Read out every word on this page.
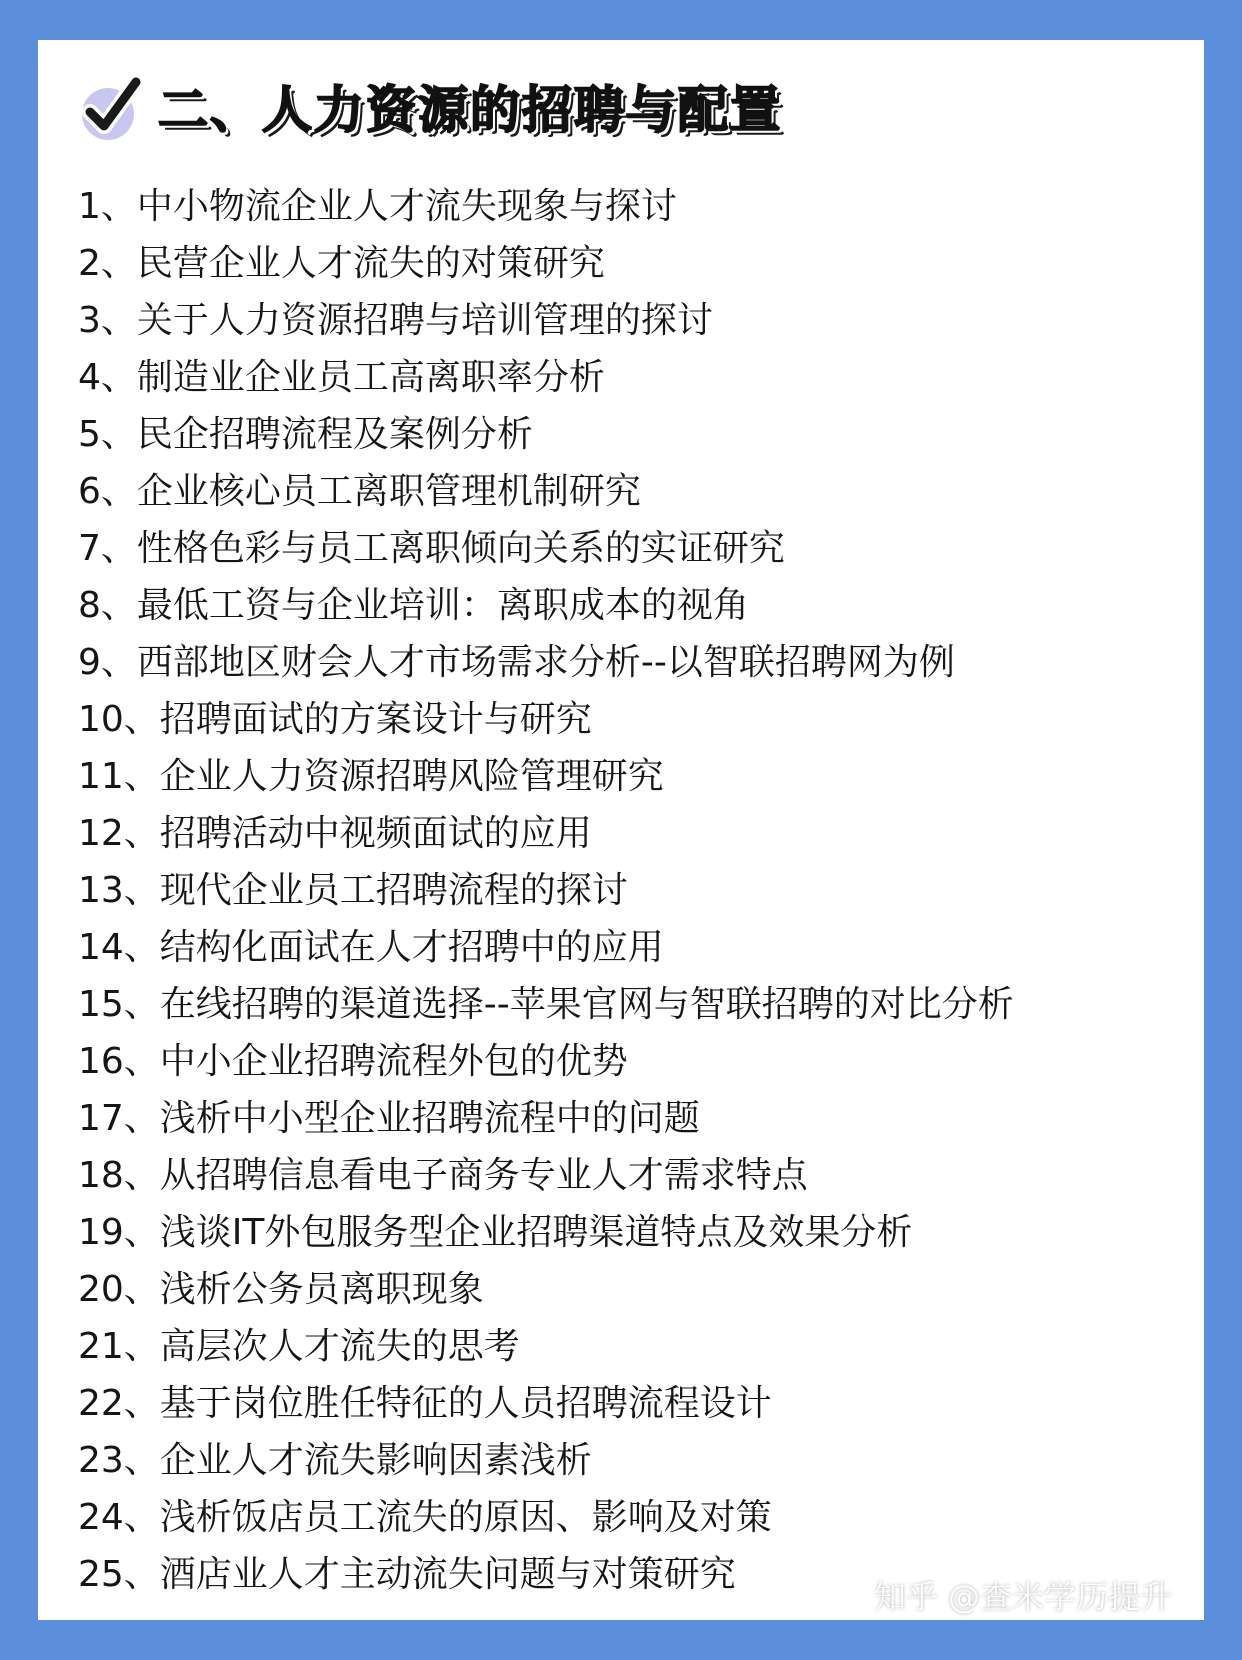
二、人力资源的招聘与配置
1、中小物流企业人才流失现象与探讨
2、民营企业人才流失的对策研究
3、关于人力资源招聘与培训管理的探讨
4、制造业企业员工高离职率分析
5、民企招聘流程及案例分析
6、企业核心员工离职管理机制研究
7、性格色彩与员工离职倾向关系的实证研究
8、最低工资与企业培训：离职成本的视角
9、西部地区财会人才市场需求分析--以智联招聘网为例
10、招聘面试的方案设计与研究
11、企业人力资源招聘风险管理研究
12、招聘活动中视频面试的应用
13、现代企业员工招聘流程的探讨
14、结构化面试在人才招聘中的应用
15、在线招聘的渠道选择--苹果官网与智联招聘的对比分析
16、中小企业招聘流程外包的优势
17、浅析中小型企业招聘流程中的问题
18、从招聘信息看电子商务专业人才需求特点
19、浅谈IT外包服务型企业招聘渠道特点及效果分析
20、浅析公务员离职现象
21、高层次人才流失的思考
22、基于岗位胜任特征的人员招聘流程设计
23、企业人才流失影响因素浅析
24、浅析饭店员工流失的原因、影响及对策
25、酒店业人才主动流失问题与对策研究
知乎 @查米学历提升
